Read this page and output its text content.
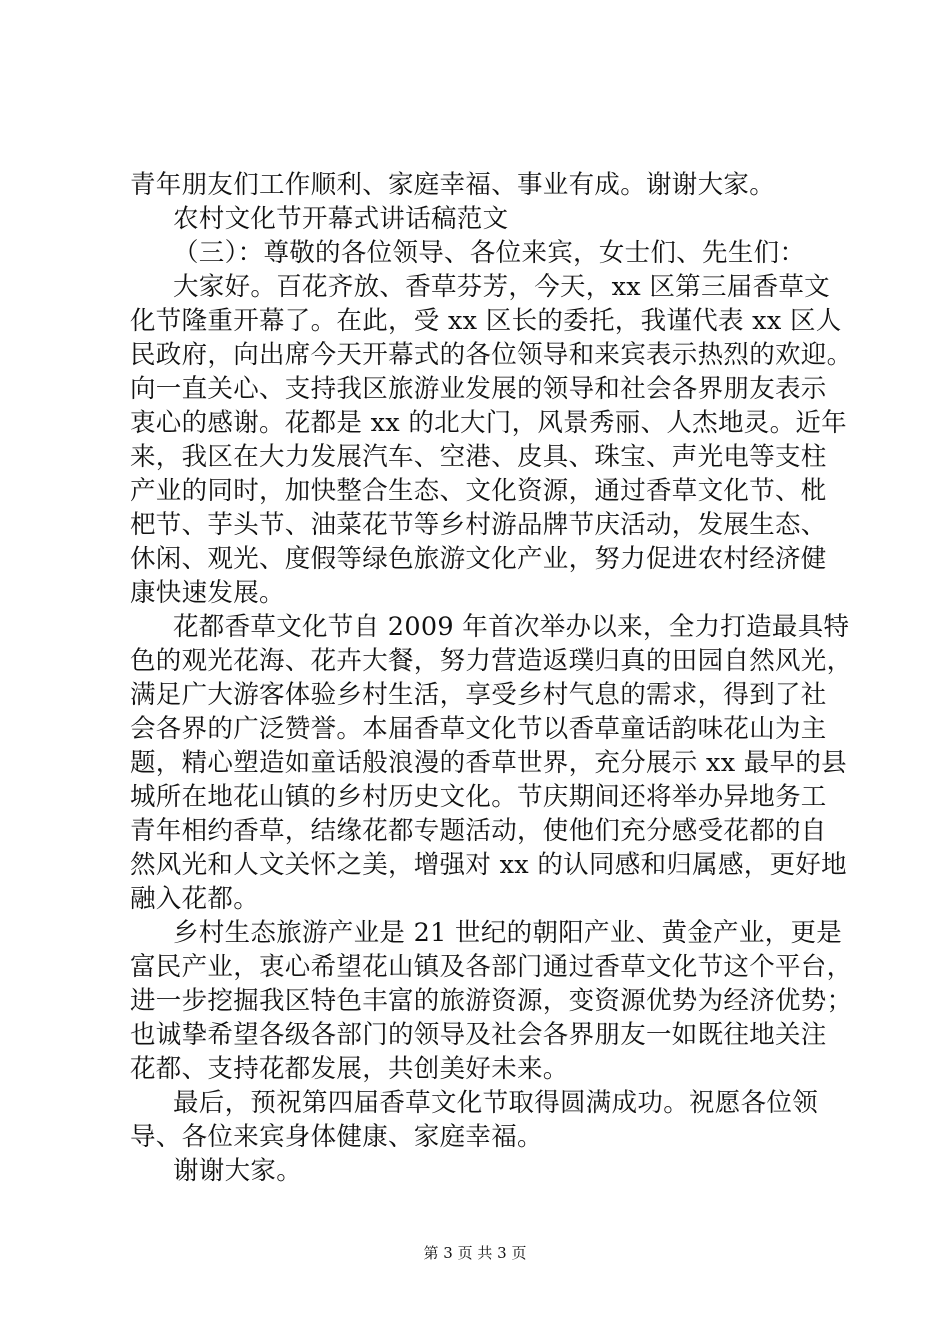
青年朋友们工作顺利、家庭幸福、事业有成。谢谢大家。
农村文化节开幕式讲话稿范文
（三）：尊敬的各位领导、各位来宾，女士们、先生们：
大家好。百花齐放、香草芬芳，今天，xx 区第三届香草文
化节隆重开幕了。在此，受 xx 区长的委托，我谨代表 xx 区人
民政府，向出席今天开幕式的各位领导和来宾表示热烈的欢迎。
向一直关心、支持我区旅游业发展的领导和社会各界朋友表示
衷心的感谢。花都是 xx 的北大门，风景秀丽、人杰地灵。近年
来，我区在大力发展汽车、空港、皮具、珠宝、声光电等支柱
产业的同时，加快整合生态、文化资源，通过香草文化节、枇
杷节、芋头节、油菜花节等乡村游品牌节庆活动，发展生态、
休闲、观光、度假等绿色旅游文化产业，努力促进农村经济健
康快速发展。
花都香草文化节自 2009 年首次举办以来，全力打造最具特
色的观光花海、花卉大餐，努力营造返璞归真的田园自然风光，
满足广大游客体验乡村生活，享受乡村气息的需求，得到了社
会各界的广泛赞誉。本届香草文化节以香草童话韵味花山为主
题，精心塑造如童话般浪漫的香草世界，充分展示 xx 最早的县
城所在地花山镇的乡村历史文化。节庆期间还将举办异地务工
青年相约香草，结缘花都专题活动，使他们充分感受花都的自
然风光和人文关怀之美，增强对 xx 的认同感和归属感，更好地
融入花都。
乡村生态旅游产业是 21 世纪的朝阳产业、黄金产业，更是
富民产业，衷心希望花山镇及各部门通过香草文化节这个平台，
进一步挖掘我区特色丰富的旅游资源，变资源优势为经济优势；
也诚挚希望各级各部门的领导及社会各界朋友一如既往地关注
花都、支持花都发展，共创美好未来。
最后，预祝第四届香草文化节取得圆满成功。祝愿各位领
导、各位来宾身体健康、家庭幸福。
谢谢大家。
第 3 页 共 3 页
